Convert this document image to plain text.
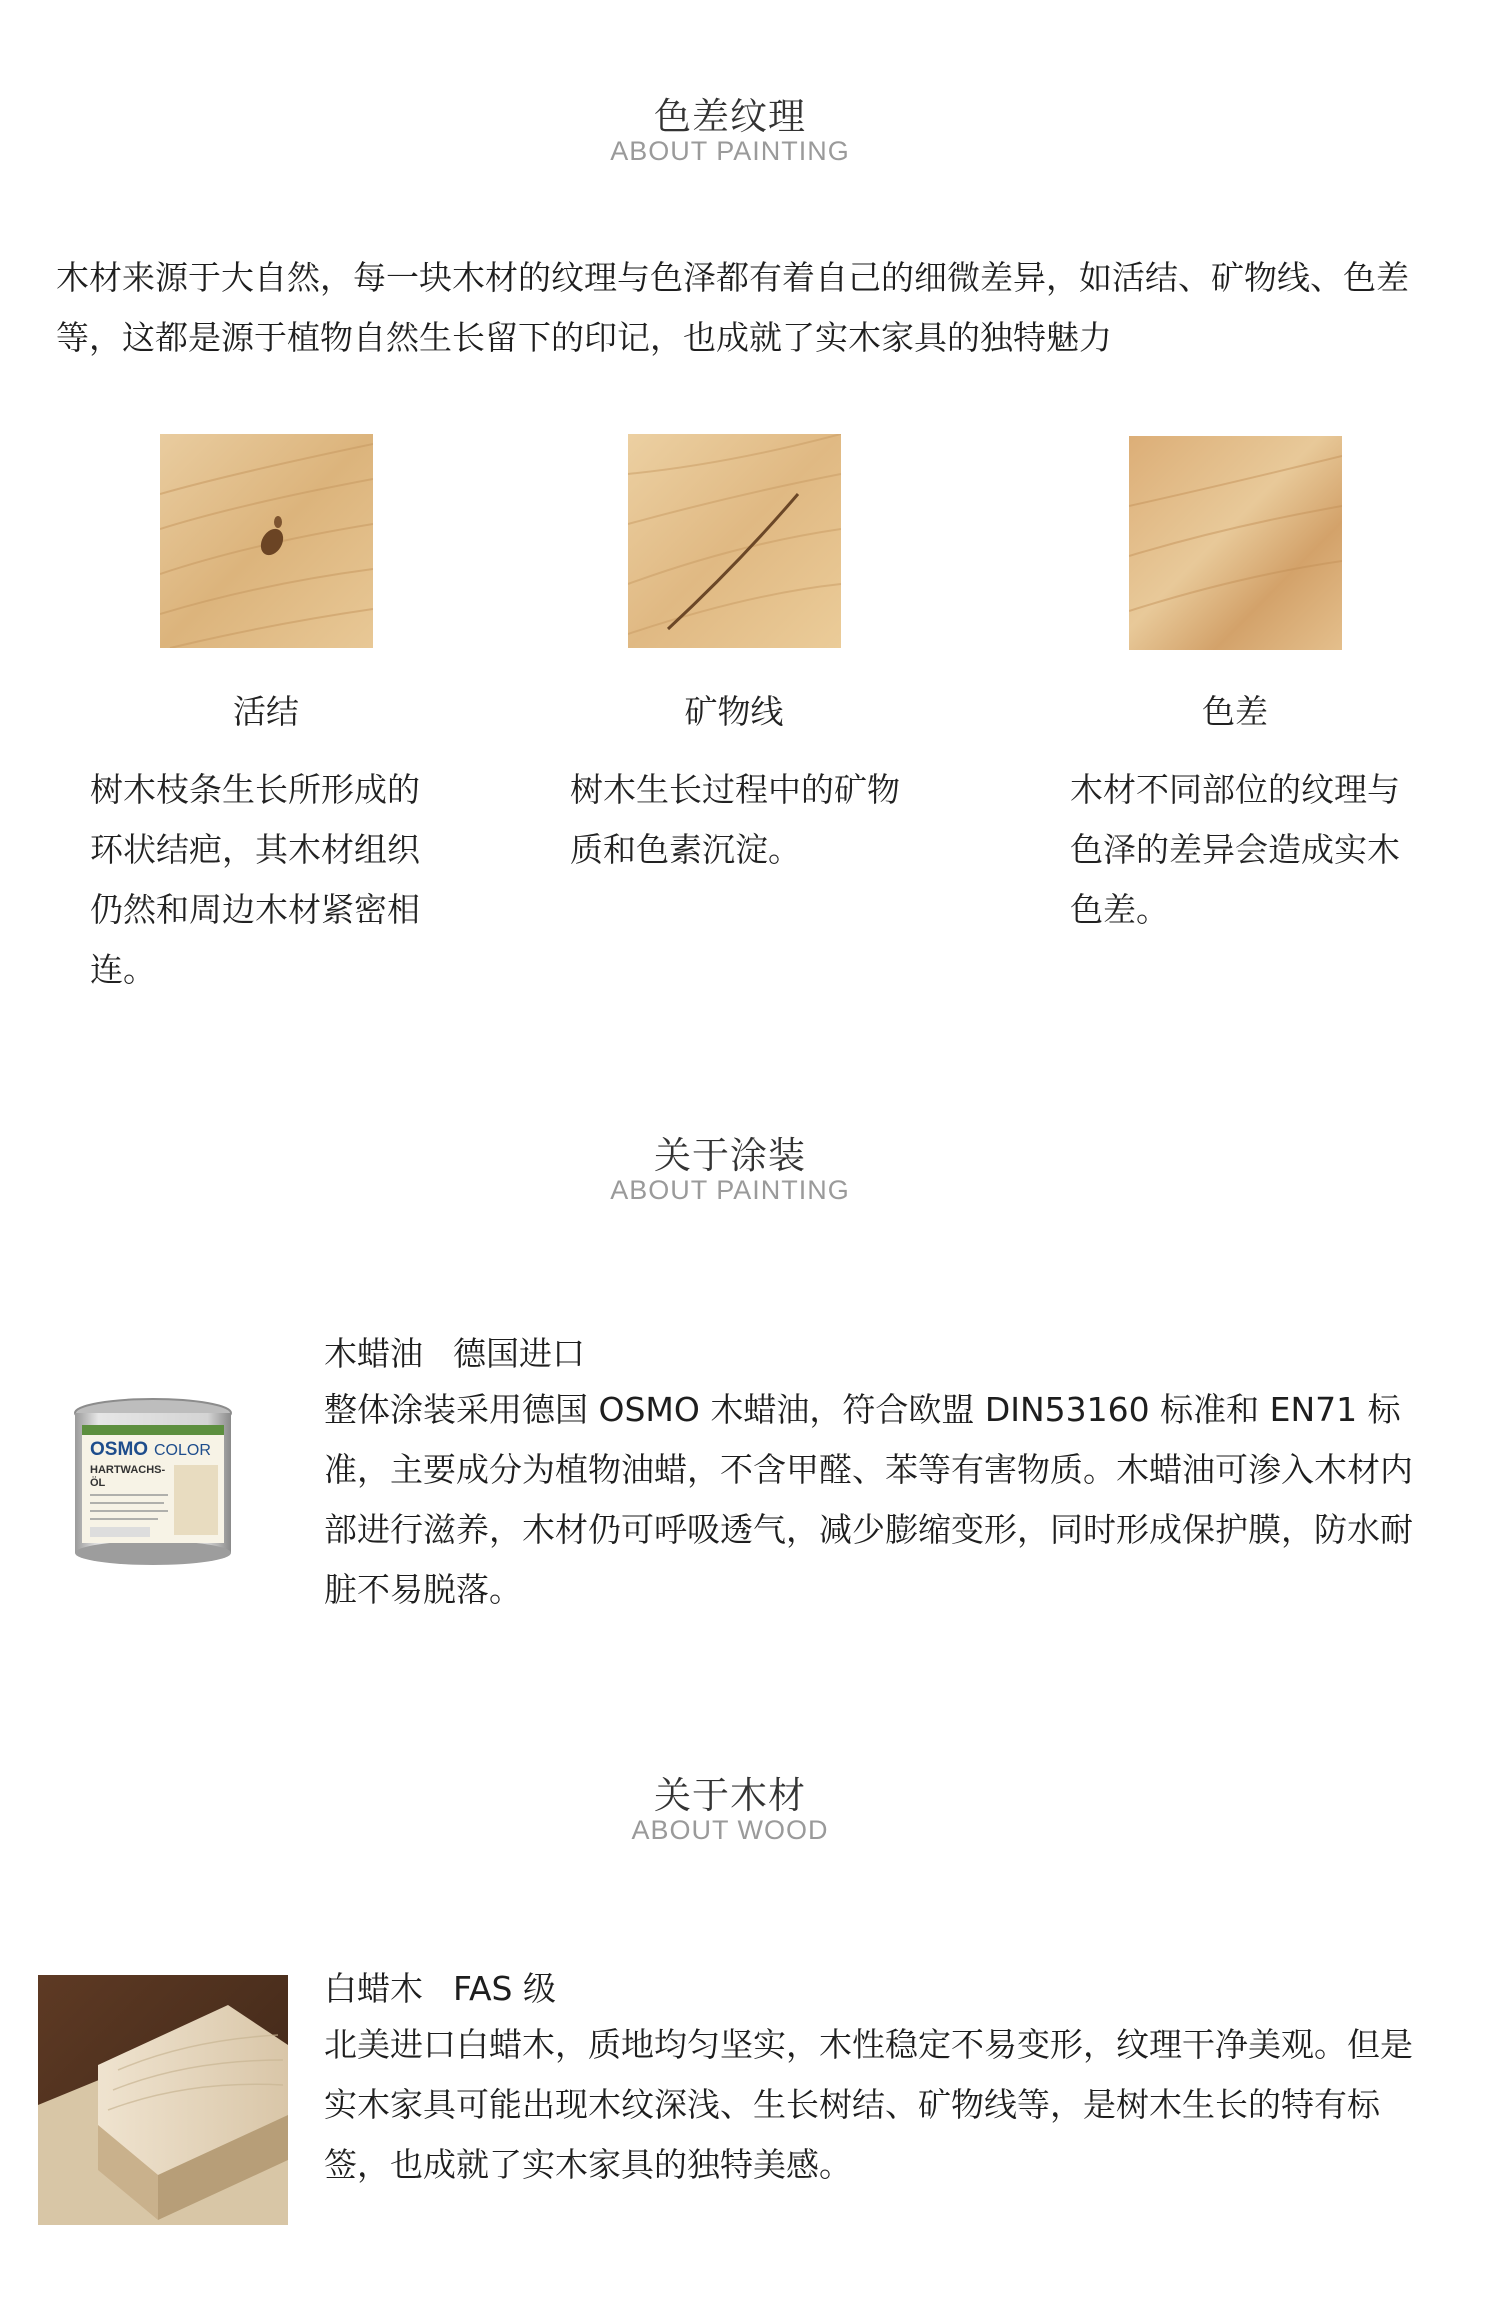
色差纹理
ABOUT PAINTING
木材来源于大自然，每一块木材的纹理与色泽都有着自己的细微差异，如活结、矿物线、色差等，这都是源于植物自然生长留下的印记，也成就了实木家具的独特魅力
活结	矿物线	色差
树木枝条生长所形成的环状结疤，其木材组织仍然和周边木材紧密相连。
树木生长过程中的矿物质和色素沉淀。
木材不同部位的纹理与色泽的差异会造成实木色差。
关于涂装
ABOUT PAINTING
OSMO COLOR
HARTWACHS-
ÖL
木蜡油 德国进口
整体涂装采用德国 OSMO 木蜡油，符合欧盟 DIN53160 标准和 EN71 标准，主要成分为植物油蜡，不含甲醛、苯等有害物质。木蜡油可渗入木材内部进行滋养，木材仍可呼吸透气，减少膨缩变形，同时形成保护膜，防水耐脏不易脱落。
关于木材
ABOUT WOOD
白蜡木 FAS 级
北美进口白蜡木，质地均匀坚实，木性稳定不易变形，纹理干净美观。但是实木家具可能出现木纹深浅、生长树结、矿物线等，是树木生长的特有标签，也成就了实木家具的独特美感。
